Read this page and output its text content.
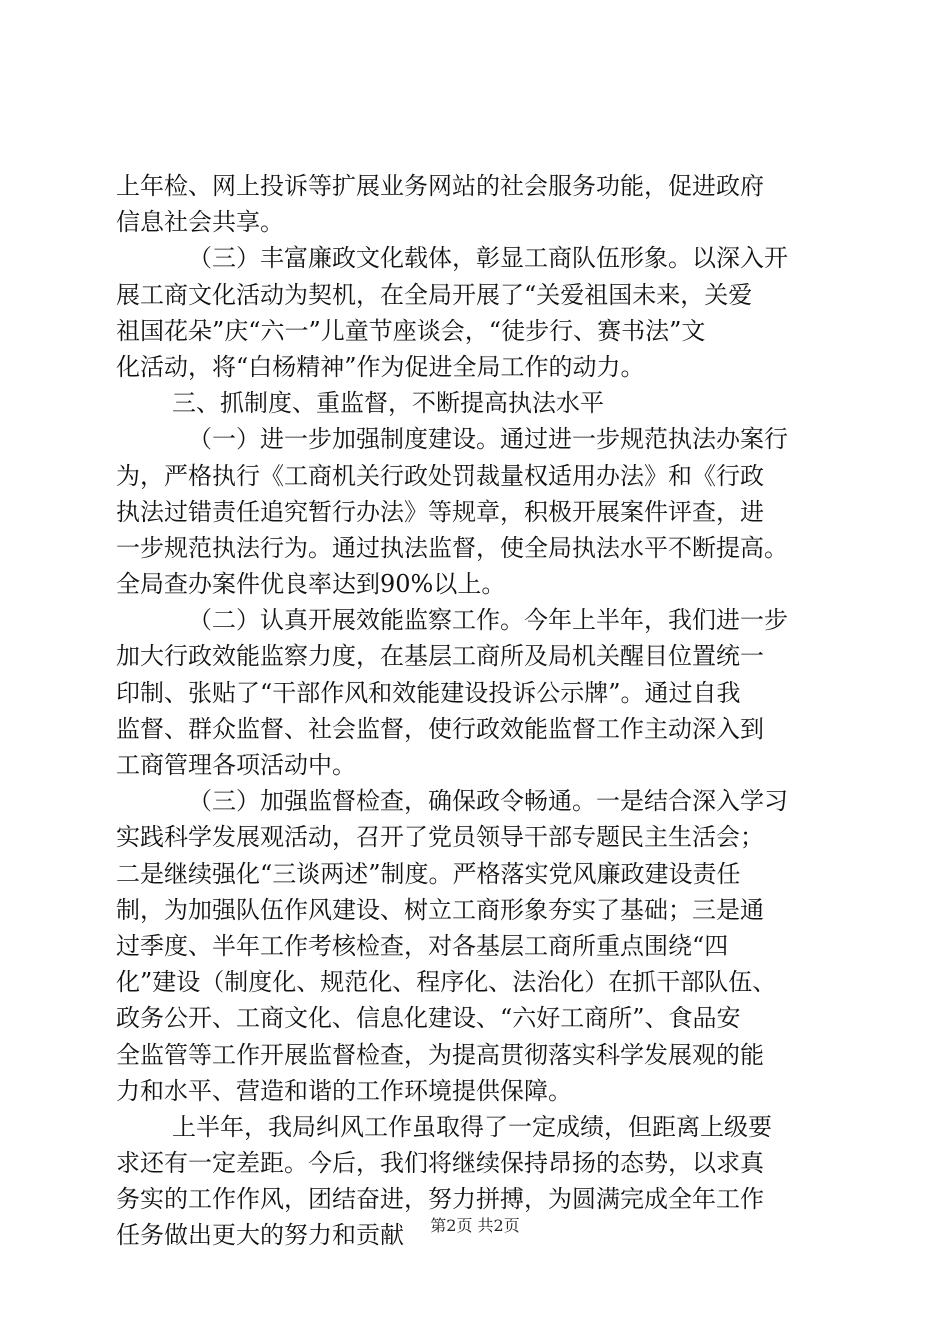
上年检、网上投诉等扩展业务网站的社会服务功能，促进政府
信息社会共享。
（三）丰富廉政文化载体，彰显工商队伍形象。以深入开
展工商文化活动为契机，在全局开展了“关爱祖国未来，关爱
祖国花朵”庆“六一”儿童节座谈会，“徒步行、赛书法”文
化活动，将“白杨精神”作为促进全局工作的动力。
三、抓制度、重监督，不断提高执法水平
（一）进一步加强制度建设。通过进一步规范执法办案行
为，严格执行《工商机关行政处罚裁量权适用办法》和《行政
执法过错责任追究暂行办法》等规章，积极开展案件评查，进
一步规范执法行为。通过执法监督，使全局执法水平不断提高。
全局查办案件优良率达到90%以上。
（二）认真开展效能监察工作。今年上半年，我们进一步
加大行政效能监察力度，在基层工商所及局机关醒目位置统一
印制、张贴了“干部作风和效能建设投诉公示牌”。通过自我
监督、群众监督、社会监督，使行政效能监督工作主动深入到
工商管理各项活动中。
（三）加强监督检查，确保政令畅通。一是结合深入学习
实践科学发展观活动，召开了党员领导干部专题民主生活会；
二是继续强化“三谈两述”制度。严格落实党风廉政建设责任
制，为加强队伍作风建设、树立工商形象夯实了基础；三是通
过季度、半年工作考核检查，对各基层工商所重点围绕“四
化”建设（制度化、规范化、程序化、法治化）在抓干部队伍、
政务公开、工商文化、信息化建设、“六好工商所”、食品安
全监管等工作开展监督检查，为提高贯彻落实科学发展观的能
力和水平、营造和谐的工作环境提供保障。
上半年，我局纠风工作虽取得了一定成绩，但距离上级要
求还有一定差距。今后，我们将继续保持昂扬的态势，以求真
务实的工作作风，团结奋进，努力拼搏，为圆满完成全年工作
任务做出更大的努力和贡献	第2页 共2页
